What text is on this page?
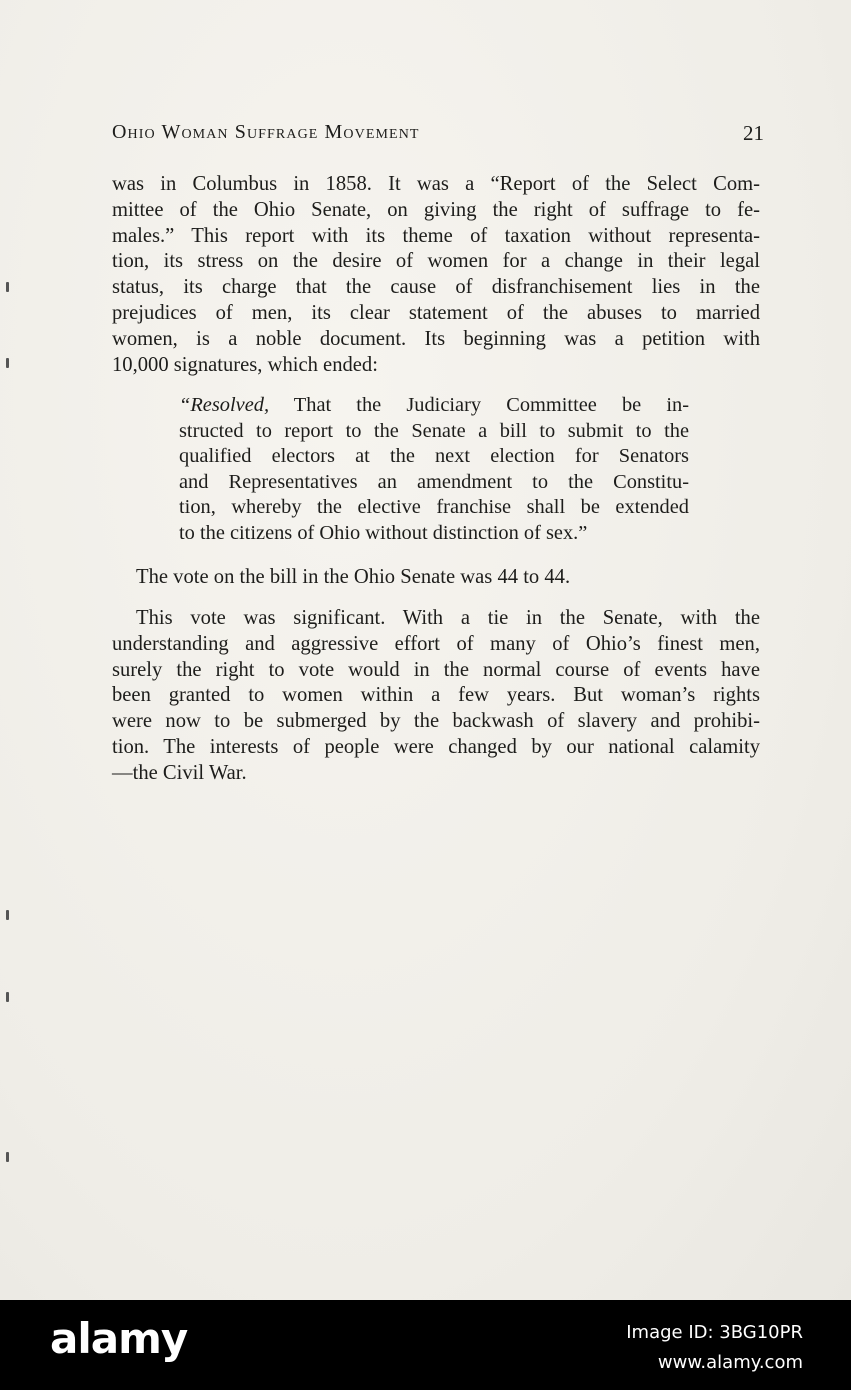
Ohio Woman Suffrage Movement	21
was in Columbus in 1858. It was a “Report of the Select Com-
mittee of the Ohio Senate, on giving the right of suffrage to fe-
males.” This report with its theme of taxation without representa-
tion, its stress on the desire of women for a change in their legal
status, its charge that the cause of disfranchisement lies in the
prejudices of men, its clear statement of the abuses to married
women, is a noble document. Its beginning was a petition with
10,000 signatures, which ended:
“Resolved, That the Judiciary Committee be in-
structed to report to the Senate a bill to submit to the
qualified electors at the next election for Senators
and Representatives an amendment to the Constitu-
tion, whereby the elective franchise shall be extended
to the citizens of Ohio without distinction of sex.”
The vote on the bill in the Ohio Senate was 44 to 44.
This vote was significant. With a tie in the Senate, with the
understanding and aggressive effort of many of Ohio’s finest men,
surely the right to vote would in the normal course of events have
been granted to women within a few years. But woman’s rights
were now to be submerged by the backwash of slavery and prohibi-
tion. The interests of people were changed by our national calamity
—the Civil War.
alamy	Image ID: 3BG10PR
www.alamy.com
